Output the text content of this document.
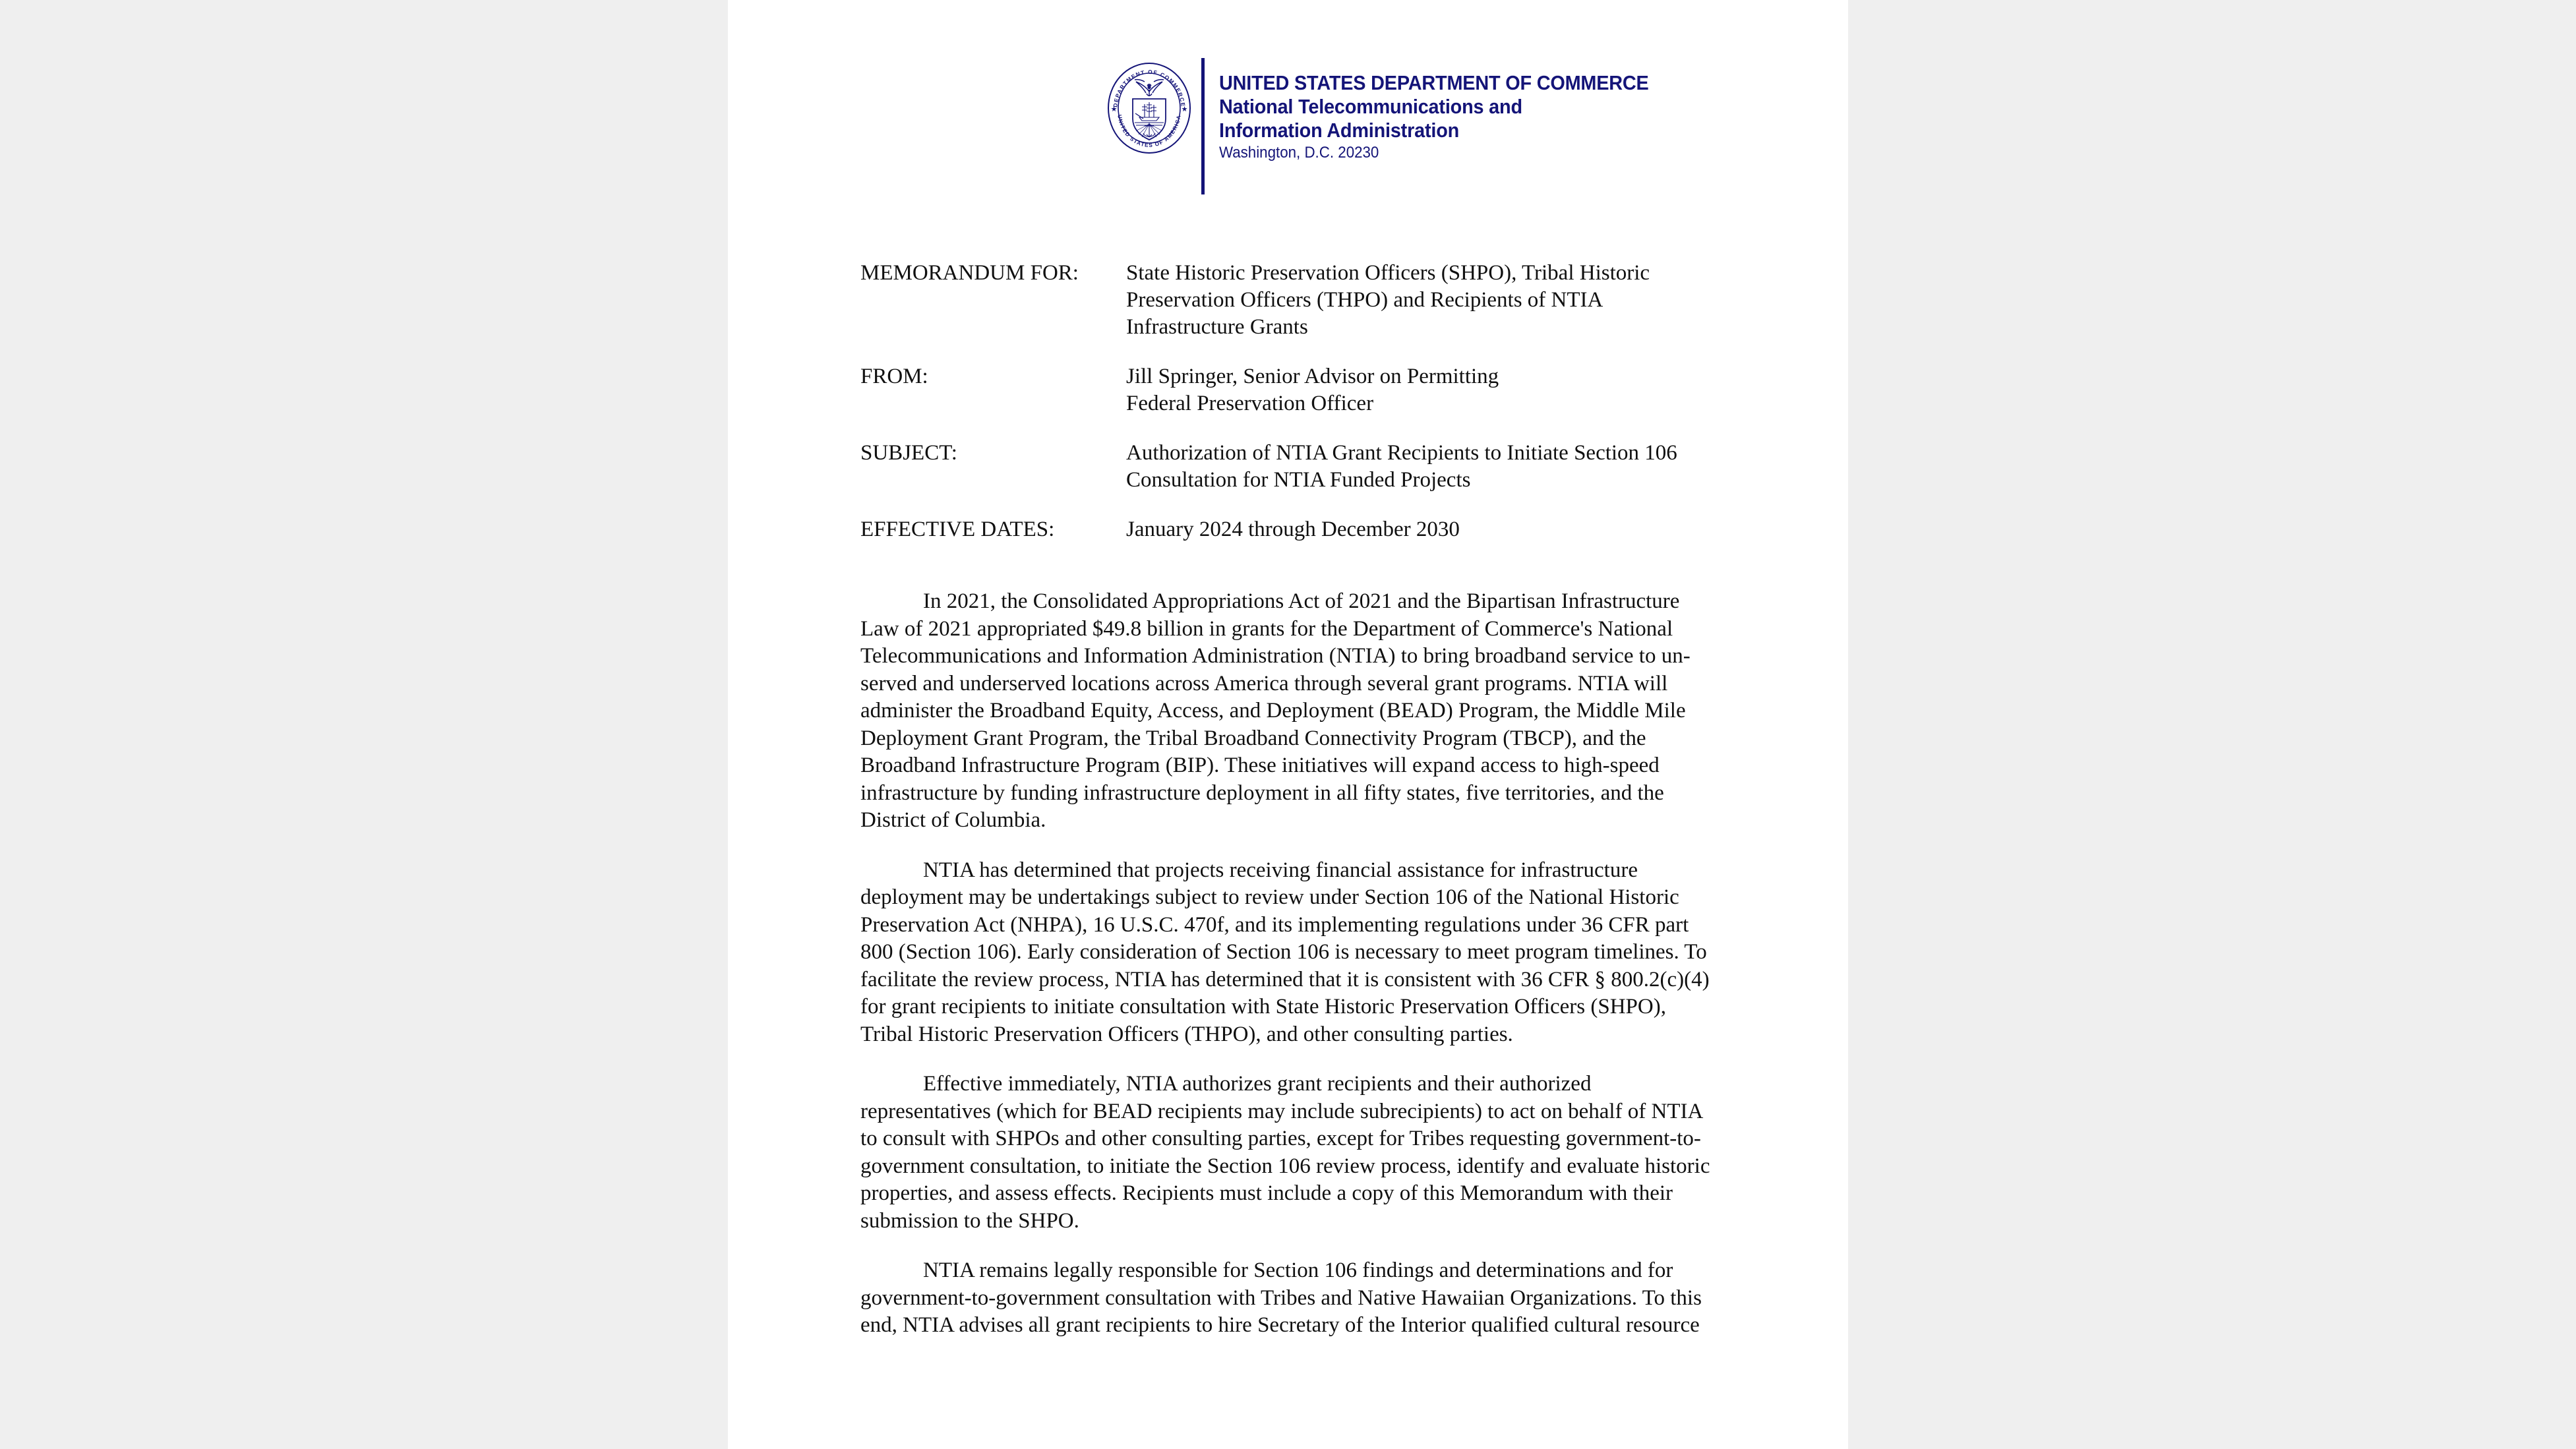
DEPARTMENT OF COMMERCE
UNITED STATES OF AMERICA
★	★
UNITED STATES DEPARTMENT OF COMMERCE
National Telecommunications and
Information Administration
Washington, D.C. 20230
MEMORANDUM FOR:	State Historic Preservation Officers (SHPO), Tribal Historic
Preservation Officers (THPO) and Recipients of NTIA
Infrastructure Grants
FROM:	Jill Springer, Senior Advisor on Permitting
Federal Preservation Officer
SUBJECT:	Authorization of NTIA Grant Recipients to Initiate Section 106
Consultation for NTIA Funded Projects
EFFECTIVE DATES:	January 2024 through December 2030

In 2021, the Consolidated Appropriations Act of 2021 and the Bipartisan Infrastructure Law of 2021 appropriated $49.8 billion in grants for the Department of Commerce's National Telecommunications and Information Administration (NTIA) to bring broadband service to un-served and underserved locations across America through several grant programs. NTIA will administer the Broadband Equity, Access, and Deployment (BEAD) Program, the Middle Mile Deployment Grant Program, the Tribal Broadband Connectivity Program (TBCP), and the Broadband Infrastructure Program (BIP). These initiatives will expand access to high-speed infrastructure by funding infrastructure deployment in all fifty states, five territories, and the District of Columbia.

NTIA has determined that projects receiving financial assistance for infrastructure deployment may be undertakings subject to review under Section 106 of the National Historic Preservation Act (NHPA), 16 U.S.C. 470f, and its implementing regulations under 36 CFR part 800 (Section 106). Early consideration of Section 106 is necessary to meet program timelines. To facilitate the review process, NTIA has determined that it is consistent with 36 CFR § 800.2(c)(4) for grant recipients to initiate consultation with State Historic Preservation Officers (SHPO), Tribal Historic Preservation Officers (THPO), and other consulting parties.

Effective immediately, NTIA authorizes grant recipients and their authorized representatives (which for BEAD recipients may include subrecipients) to act on behalf of NTIA to consult with SHPOs and other consulting parties, except for Tribes requesting government-to-government consultation, to initiate the Section 106 review process, identify and evaluate historic properties, and assess effects. Recipients must include a copy of this Memorandum with their submission to the SHPO.

NTIA remains legally responsible for Section 106 findings and determinations and for government-to-government consultation with Tribes and Native Hawaiian Organizations. To this end, NTIA advises all grant recipients to hire Secretary of the Interior qualified cultural resource
